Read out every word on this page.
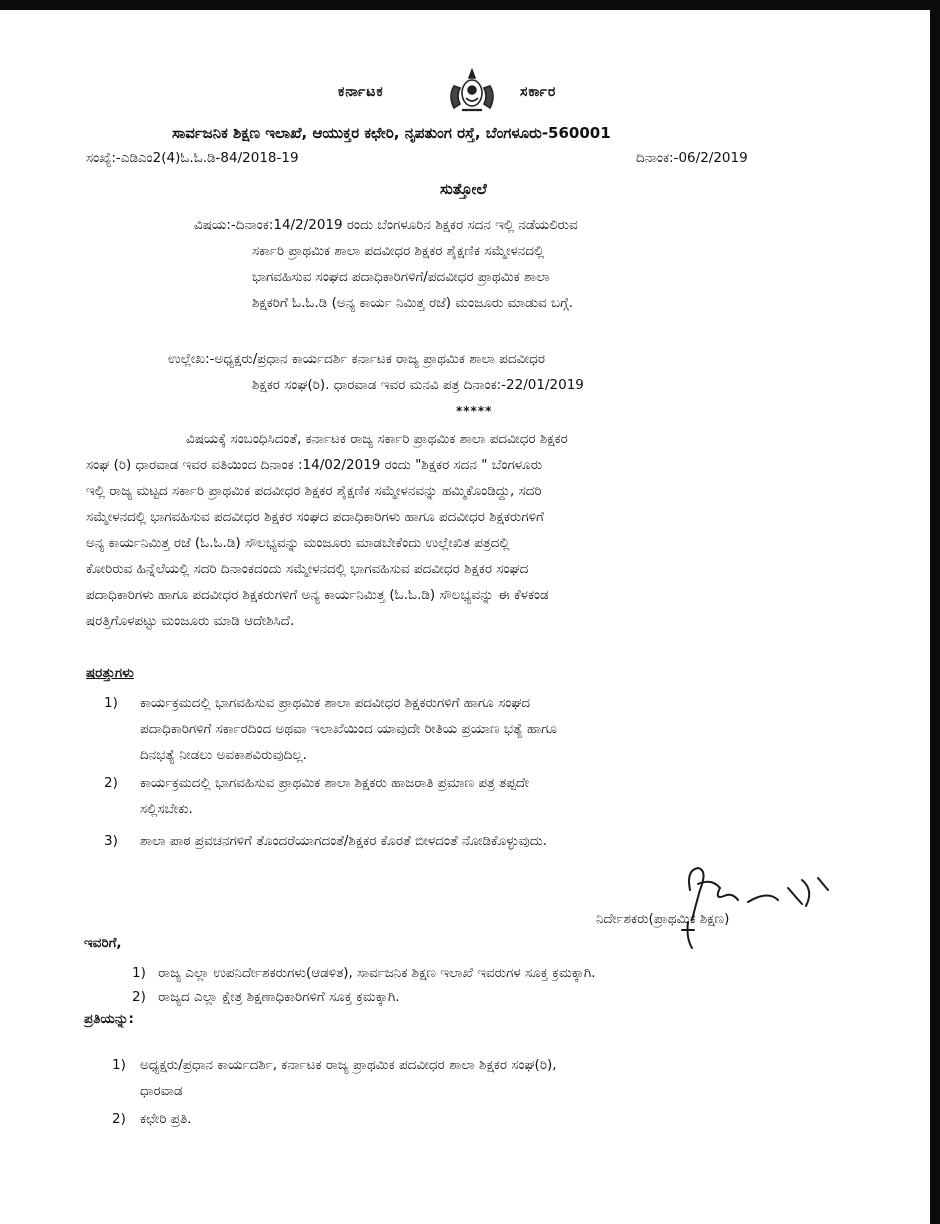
ಕರ್ನಾಟಕ	ಸರ್ಕಾರ
ಸಾರ್ವಜನಿಕ ಶಿಕ್ಷಣ ಇಲಾಖೆ, ಆಯುಕ್ತರ ಕಛೇರಿ, ನೃಪತುಂಗ ರಸ್ತೆ, ಬೆಂಗಳೂರು-560001
ಸಂಖ್ಯೆ:-ಎಡಿಎಂ2(4)ಓ.ಓ.ಡಿ-84/2018-19	ದಿನಾಂಕ:-06/2/2019
ಸುತ್ತೋಲೆ
ವಿಷಯ:-ದಿನಾಂಕ:14/2/2019 ರಂದು ಬೆಂಗಳೂರಿನ ಶಿಕ್ಷಕರ ಸದನ ಇಲ್ಲಿ ನಡೆಯಲಿರುವ
ಸರ್ಕಾರಿ ಪ್ರಾಥಮಿಕ ಶಾಲಾ ಪದವೀಧರ ಶಿಕ್ಷಕರ ಶೈಕ್ಷಣಿಕ ಸಮ್ಮೇಳನದಲ್ಲಿ
ಭಾಗವಹಿಸುವ ಸಂಘದ ಪದಾಧಿಕಾರಿಗಳಿಗೆ/ಪದವೀಧರ ಪ್ರಾಥಮಿಕ ಶಾಲಾ
ಶಿಕ್ಷಕರಿಗೆ ಓ.ಓ.ಡಿ (ಅನ್ಯ ಕಾರ್ಯ ನಿಮಿತ್ತ ರಜೆ) ಮಂಜೂರು ಮಾಡುವ ಬಗ್ಗೆ.
ಉಲ್ಲೇಖ:-ಅಧ್ಯಕ್ಷರು/ಪ್ರಧಾನ ಕಾರ್ಯದರ್ಶಿ ಕರ್ನಾಟಕ ರಾಜ್ಯ ಪ್ರಾಥಮಿಕ ಶಾಲಾ ಪದವೀಧರ
ಶಿಕ್ಷಕರ ಸಂಘ(ರಿ). ಧಾರವಾಡ ಇವರ ಮನವಿ ಪತ್ರ ದಿನಾಂಕ:-22/01/2019
*****
ವಿಷಯಕ್ಕೆ ಸಂಬಂಧಿಸಿದಂತೆ, ಕರ್ನಾಟಕ ರಾಜ್ಯ ಸರ್ಕಾರಿ ಪ್ರಾಥಮಿಕ ಶಾಲಾ ಪದವೀಧರ ಶಿಕ್ಷಕರ
ಸಂಘ (ರಿ) ಧಾರವಾಡ ಇವರ ವತಿಯಿಂದ ದಿನಾಂಕ :14/02/2019 ರಂದು "ಶಿಕ್ಷಕರ ಸದನ " ಬೆಂಗಳೂರು
ಇಲ್ಲಿ ರಾಜ್ಯ ಮಟ್ಟದ ಸರ್ಕಾರಿ ಪ್ರಾಥಮಿಕ ಪದವೀಧರ ಶಿಕ್ಷಕರ ಶೈಕ್ಷಣಿಕ ಸಮ್ಮೇಳನವನ್ನು ಹಮ್ಮಿಕೊಂಡಿದ್ದು, ಸದರಿ
ಸಮ್ಮೇಳನದಲ್ಲಿ ಭಾಗವಹಿಸುವ ಪದವೀಧರ ಶಿಕ್ಷಕರ ಸಂಘದ ಪದಾಧಿಕಾರಿಗಳು ಹಾಗೂ ಪದವೀಧರ ಶಿಕ್ಷಕರುಗಳಿಗೆ
ಅನ್ಯ ಕಾರ್ಯನಿಮಿತ್ತ ರಜೆ (ಓ.ಓ.ಡಿ) ಸೌಲಭ್ಯವನ್ನು ಮಂಜೂರು ಮಾಡಬೇಕೆಂದು ಉಲ್ಲೇಖಿತ ಪತ್ರದಲ್ಲಿ
ಕೋರಿರುವ ಹಿನ್ನೆಲೆಯಲ್ಲಿ ಸದರಿ ದಿನಾಂಕದಂದು ಸಮ್ಮೇಳನದಲ್ಲಿ ಭಾಗವಹಿಸುವ ಪದವೀಧರ ಶಿಕ್ಷಕರ ಸಂಘದ
ಪದಾಧಿಕಾರಿಗಳು ಹಾಗೂ ಪದವೀಧರ ಶಿಕ್ಷಕರುಗಳಿಗೆ ಅನ್ಯ ಕಾರ್ಯನಿಮಿತ್ತ (ಓ.ಓ.ಡಿ) ಸೌಲಭ್ಯವನ್ನು ಈ ಕೆಳಕಂಡ
ಷರತ್ತಿಗೊಳಪಟ್ಟು ಮಂಜೂರು ಮಾಡಿ ಆದೇಶಿಸಿದೆ.
ಷರತ್ತುಗಳು
1) ಕಾರ್ಯಕ್ರಮದಲ್ಲಿ ಭಾಗವಹಿಸುವ ಪ್ರಾಥಮಿಕ ಶಾಲಾ ಪದವೀಧರ ಶಿಕ್ಷಕರುಗಳಿಗೆ ಹಾಗೂ ಸಂಘದ
ಪದಾಧಿಕಾರಿಗಳಿಗೆ ಸರ್ಕಾರದಿಂದ ಅಥವಾ ಇಲಾಖೆಯಿಂದ ಯಾವುದೇ ರೀತಿಯ ಪ್ರಯಾಣ ಭತ್ಯೆ ಹಾಗೂ
ದಿನಭತ್ಯೆ ನೀಡಲು ಅವಕಾಶವಿರುವುದಿಲ್ಲ.
2) ಕಾರ್ಯಕ್ರಮದಲ್ಲಿ ಭಾಗವಹಿಸುವ ಪ್ರಾಥಮಿಕ ಶಾಲಾ ಶಿಕ್ಷಕರು ಹಾಜರಾತಿ ಪ್ರಮಾಣ ಪತ್ರ ತಪ್ಪದೇ
ಸಲ್ಲಿಸಬೇಕು.
3) ಶಾಲಾ ಪಾಠ ಪ್ರವಚನಗಳಿಗೆ ತೊಂದರೆಯಾಗದಂತೆ/ಶಿಕ್ಷಕರ ಕೊರತೆ ಬೀಳದಂತೆ ನೋಡಿಕೊಳ್ಳುವುದು.
ನಿರ್ದೇಶಕರು(ಪ್ರಾಥಮಿಕ ಶಿಕ್ಷಣ)
ಇವರಿಗೆ,
1) ರಾಜ್ಯ ಎಲ್ಲಾ ಉಪನಿರ್ದೇಶಕರುಗಳು(ಆಡಳಿತ), ಸಾರ್ವಜನಿಕ ಶಿಕ್ಷಣ ಇಲಾಖೆ ಇವರುಗಳ ಸೂಕ್ತ ಕ್ರಮಕ್ಕಾಗಿ.
2) ರಾಜ್ಯದ ಎಲ್ಲಾ ಕ್ಷೇತ್ರ ಶಿಕ್ಷಣಾಧಿಕಾರಿಗಳಿಗೆ ಸೂಕ್ತ ಕ್ರಮಕ್ಕಾಗಿ.
ಪ್ರತಿಯನ್ನು:
1) ಅಧ್ಯಕ್ಷರು/ಪ್ರಧಾನ ಕಾರ್ಯದರ್ಶಿ, ಕರ್ನಾಟಕ ರಾಜ್ಯ ಪ್ರಾಥಮಿಕ ಪದವೀಧರ ಶಾಲಾ ಶಿಕ್ಷಕರ ಸಂಘ(ರಿ),
ಧಾರವಾಡ
2) ಕಛೇರಿ ಪ್ರತಿ.
